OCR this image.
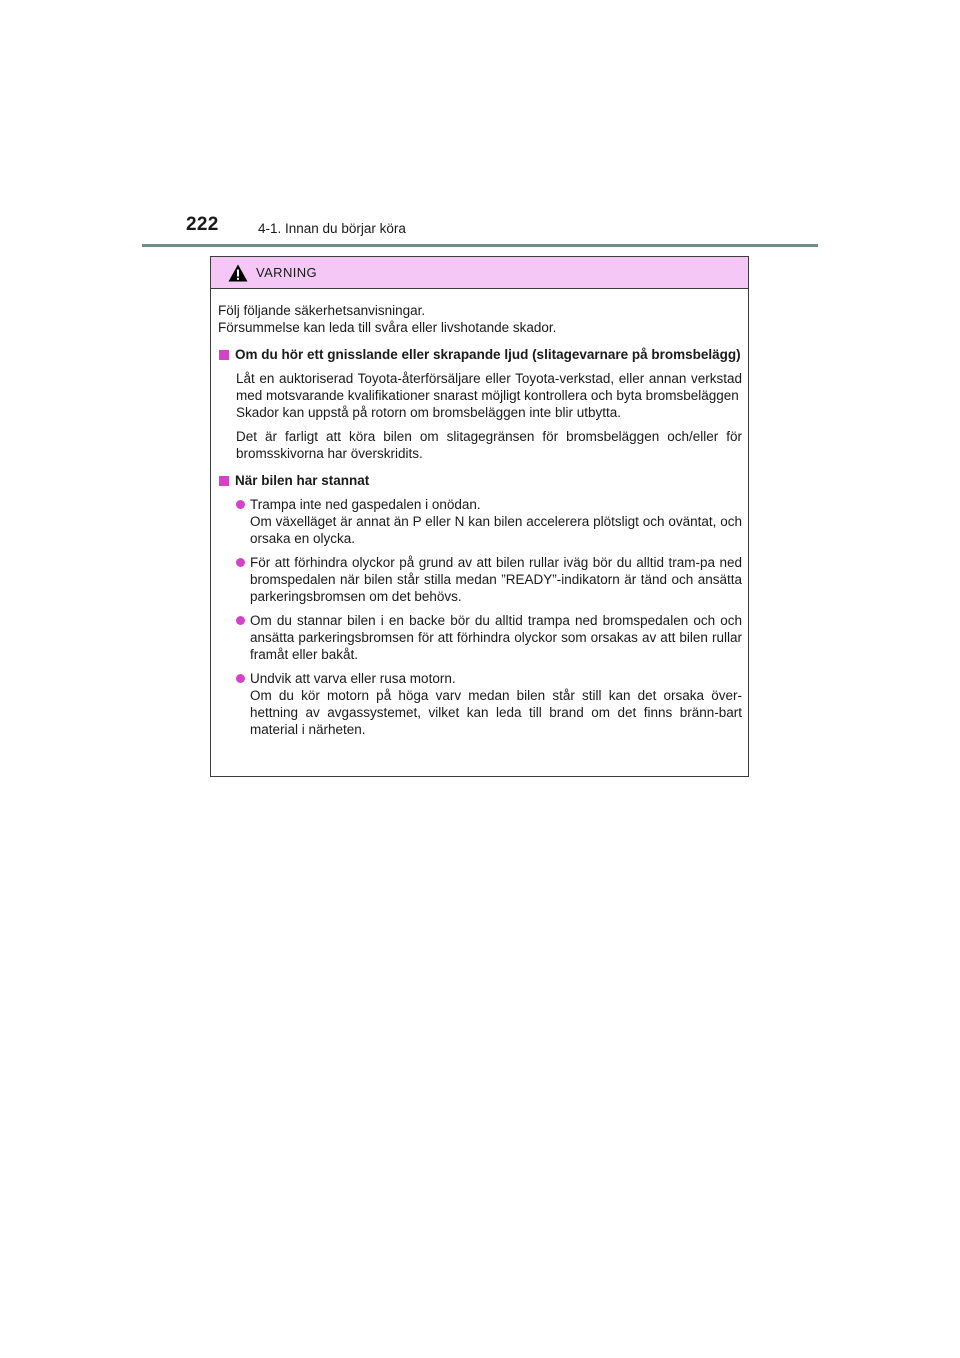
222	4-1. Innan du börjar köra
VARNING

Följ följande säkerhetsanvisningar.

Försummelse kan leda till svåra eller livshotande skador.

Om du hör ett gnisslande eller skrapande ljud (slitagevarnare på bromsbelägg)
Låt en auktoriserad Toyota-återförsäljare eller Toyota-verkstad, eller annan verkstad med motsvarande kvalifikationer snarast möjligt kontrollera och byta bromsbeläggen
Skador kan uppstå på rotorn om bromsbeläggen inte blir utbytta.
Det är farligt att köra bilen om slitagegränsen för bromsbeläggen och/eller för bromsskivorna har överskridits.
När bilen har stannat
Trampa inte ned gaspedalen i onödan.
Om växelläget är annat än P eller N kan bilen accelerera plötsligt och oväntat, och orsaka en olycka.
För att förhindra olyckor på grund av att bilen rullar iväg bör du alltid tram-pa ned bromspedalen när bilen står stilla medan ”READY”-indikatorn är tänd och ansätta parkeringsbromsen om det behövs.
Om du stannar bilen i en backe bör du alltid trampa ned bromspedalen och och ansätta parkeringsbromsen för att förhindra olyckor som orsakas av att bilen rullar framåt eller bakåt.
Undvik att varva eller rusa motorn.
Om du kör motorn på höga varv medan bilen står still kan det orsaka över-hettning av avgassystemet, vilket kan leda till brand om det finns bränn-bart material i närheten.
